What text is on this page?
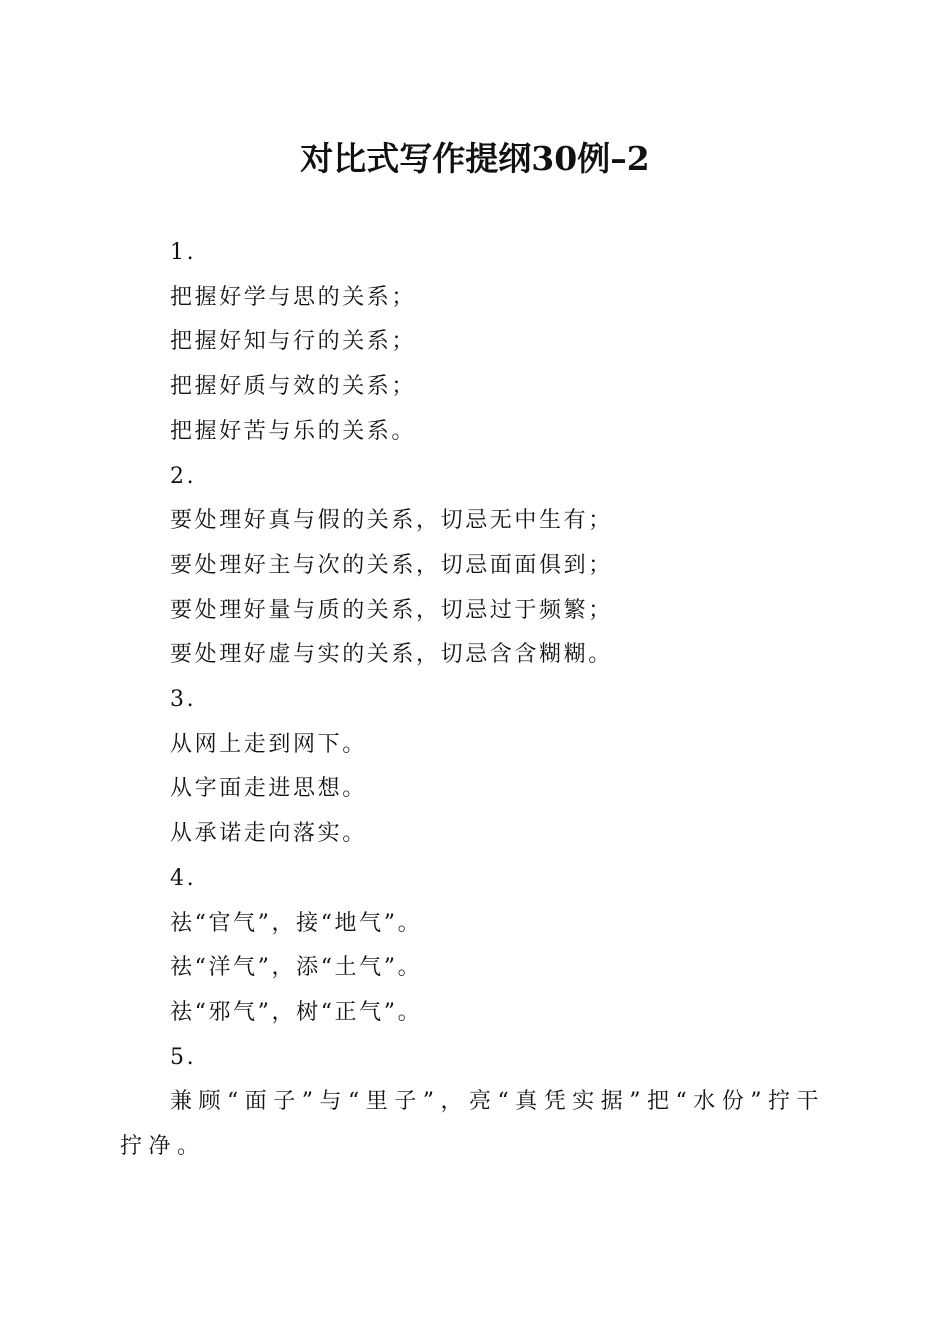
对比式写作提纲30例–2

1.

把握好学与思的关系；

把握好知与行的关系；

把握好质与效的关系；

把握好苦与乐的关系。

2.

要处理好真与假的关系，切忌无中生有；

要处理好主与次的关系，切忌面面俱到；

要处理好量与质的关系，切忌过于频繁；

要处理好虚与实的关系，切忌含含糊糊。

3.

从网上走到网下。

从字面走进思想。

从承诺走向落实。

4.

祛“官气”，接“地气”。

祛“洋气”，添“土气”。

祛“邪气”，树“正气”。

5.

兼顾“面子”与“里子”，亮“真凭实据”把“水份”拧干拧净。
